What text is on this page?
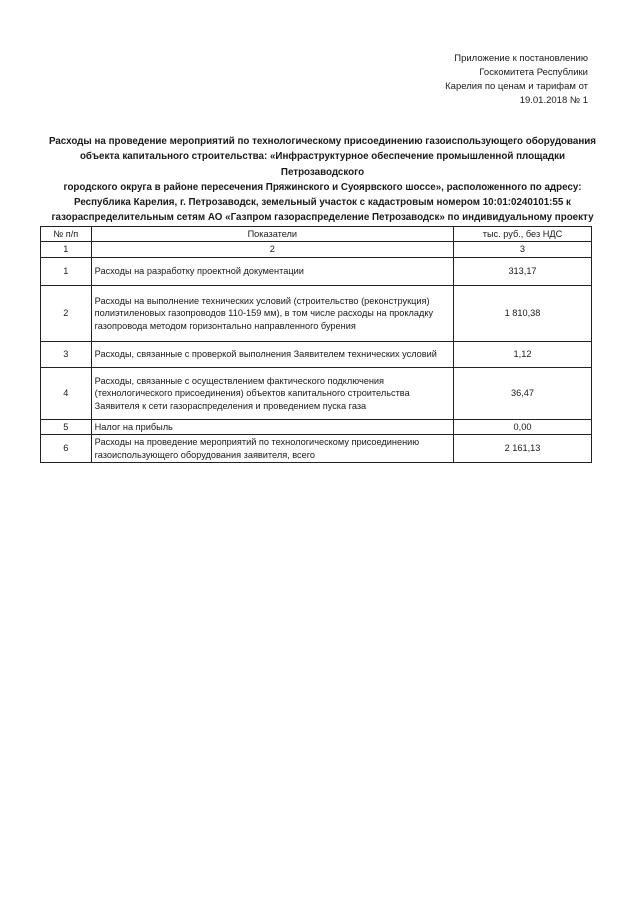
Приложение к постановлению
Госкомитета Республики
Карелия по ценам и тарифам от
19.01.2018 № 1
Расходы на проведение мероприятий по технологическому присоединению газоиспользующего оборудования
объекта капитального строительства: «Инфраструктурное обеспечение промышленной площадки Петрозаводского
городского округа в районе пересечения Пряжинского и Суоярвского шоссе», расположенного по адресу:
Республика Карелия, г. Петрозаводск, земельный участок с кадастровым номером 10:01:0240101:55 к
газораспределительным сетям АО «Газпром газораспределение Петрозаводск» по индивидуальному проекту
№ п/п	Показатели	тыс. руб., без НДС
1	2	3
1	Расходы на разработку проектной документации	313,17
2	Расходы на выполнение технических условий (строительство (реконструкция) полиэтиленовых газопроводов 110-159 мм), в том числе расходы на прокладку газопровода методом горизонтально направленного бурения	1 810,38
3	Расходы, связанные с проверкой выполнения Заявителем технических условий	1,12
4	Расходы, связанные с осуществлением фактического подключения (технологического присоединения) объектов капитального строительства Заявителя к сети газораспределения и проведением пуска газа	36,47
5	Налог на прибыль	0,00
6	Расходы на проведение мероприятий по технологическому присоединению газоиспользующего оборудования заявителя, всего	2 161,13
